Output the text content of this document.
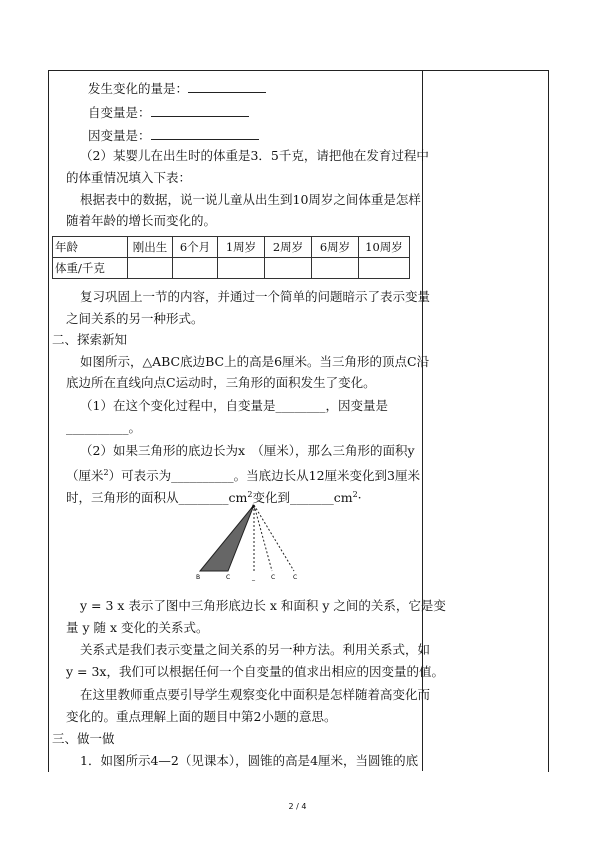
发生变化的量是：
自变量是：
因变量是：
（2）某婴儿在出生时的体重是3．5千克，请把他在发育过程中
的体重情况填入下表：
根据表中的数据，说一说儿童从出生到10周岁之间体重是怎样
随着年龄的增长而变化的。
年龄	刚出生	6个月	1周岁	2周岁	6周岁	10周岁
体重/千克						
复习巩固上一节的内容，并通过一个简单的问题暗示了表示变量
之间关系的另一种形式。
二、探索新知
如图所示，△ABC底边BC上的高是6厘米。当三角形的顶点C沿
底边所在直线向点C运动时，三角形的面积发生了变化。
（1）在这个变化过程中，自变量是________，因变量是
__________。
（2）如果三角形的底边长为x　（厘米），那么三角形的面积y
（厘米$^2$）可表示为__________。当底边长从12厘米变化到3厘米
时，三角形的面积从$\_\_\_\_\_\_\_\_cm^2$变化到$\_\_\_\_\_\_\_cm^2\cdot$
A
B	C	_	C	C
y = 3 x 表示了图中三角形底边长 x 和面积 y 之间的关系，它是变
量 y 随 x 变化的关系式。
关系式是我们表示变量之间关系的另一种方法。利用关系式，如
y = 3x，我们可以根据任何一个自变量的值求出相应的因变量的值。
在这里教师重点要引导学生观察变化中面积是怎样随着高变化而
变化的。重点理解上面的题目中第2小题的意思。
三、做一做
1．如图所示4—2（见课本），圆锥的高是4厘米，当圆锥的底
2 / 4
